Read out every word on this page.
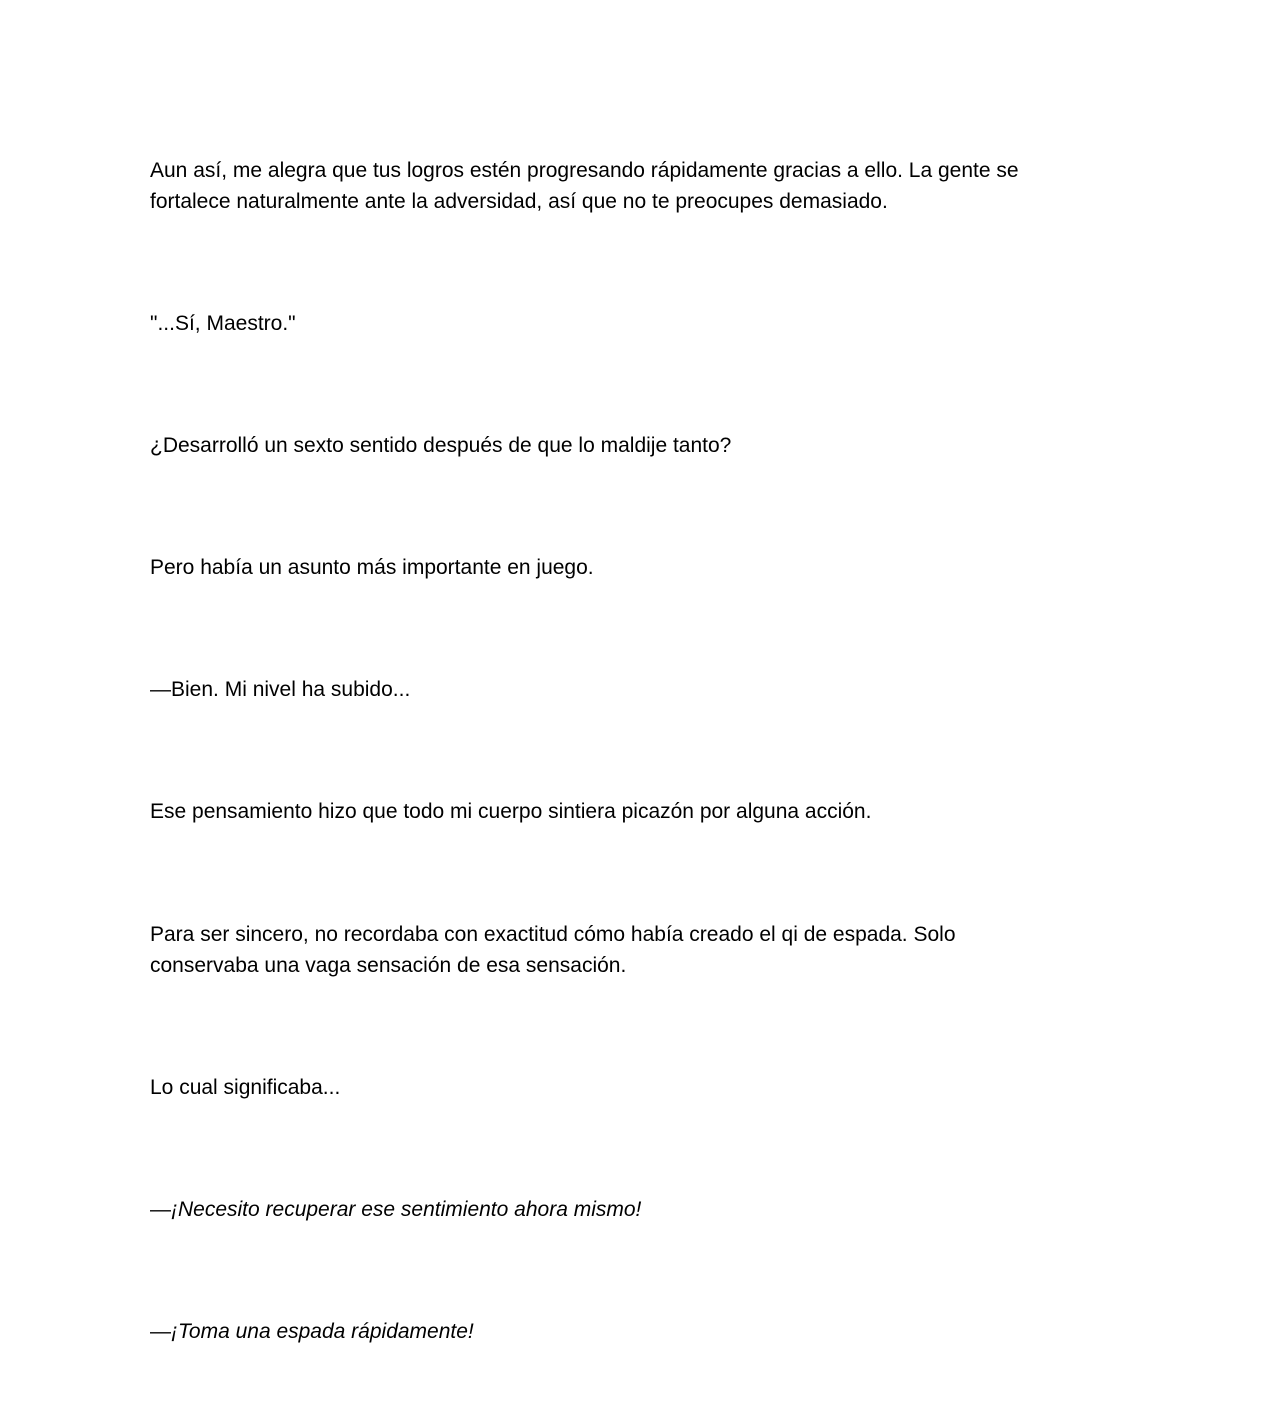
Aun así, me alegra que tus logros estén progresando rápidamente gracias a ello. La gente se
fortalece naturalmente ante la adversidad, así que no te preocupes demasiado.

"...Sí, Maestro."

¿Desarrolló un sexto sentido después de que lo maldije tanto?

Pero había un asunto más importante en juego.

—Bien. Mi nivel ha subido...

Ese pensamiento hizo que todo mi cuerpo sintiera picazón por alguna acción.

Para ser sincero, no recordaba con exactitud cómo había creado el qi de espada. Solo
conservaba una vaga sensación de esa sensación.

Lo cual significaba...

—¡Necesito recuperar ese sentimiento ahora mismo!

—¡Toma una espada rápidamente!
